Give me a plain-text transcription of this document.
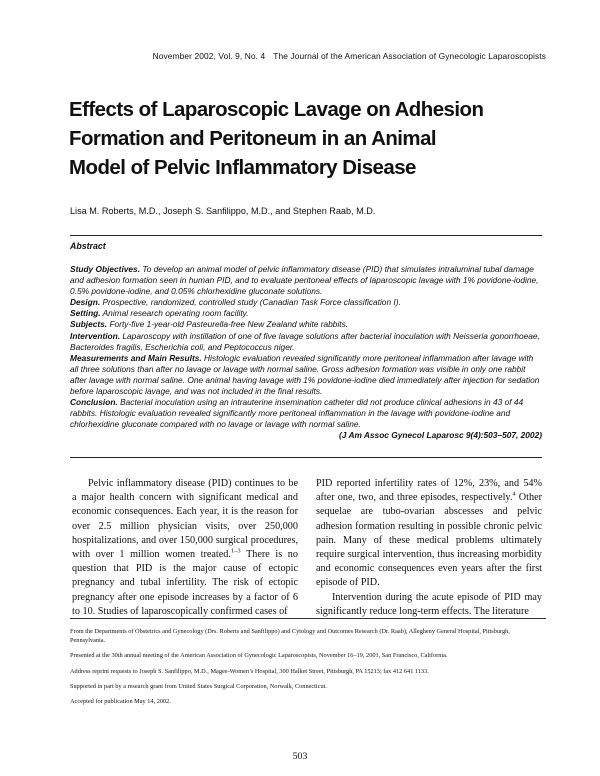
November 2002, Vol. 9, No. 4 The Journal of the American Association of Gynecologic Laparoscopists
Effects of Laparoscopic Lavage on Adhesion
Formation and Peritoneum in an Animal
Model of Pelvic Inflammatory Disease
Lisa M. Roberts, M.D., Joseph S. Sanfilippo, M.D., and Stephen Raab, M.D.
Abstract

Study Objectives. To develop an animal model of pelvic inflammatory disease (PID) that simulates intraluminal tubal damage and adhesion formation seen in human PID, and to evaluate peritoneal effects of laparoscopic lavage with 1% povidone-iodine, 0.5% povidone-iodine, and 0.05% chlorhexidine gluconate solutions.

Design. Prospective, randomized, controlled study (Canadian Task Force classification I).

Setting. Animal research operating room facility.

Subjects. Forty-five 1-year-old Pasteurella-free New Zealand white rabbits.

Intervention. Laparoscopy with instillation of one of five lavage solutions after bacterial inoculation with Neisseria gonorrhoeae, Bacteroides fragilis, Escherichia coli, and Peptococcus niger.

Measurements and Main Results. Histologic evaluation revealed significantly more peritoneal inflammation after lavage with all three solutions than after no lavage or lavage with normal saline. Gross adhesion formation was visible in only one rabbit after lavage with normal saline. One animal having lavage with 1% povidone-iodine died immediately after injection for sedation before laparoscopic lavage, and was not included in the final results.

Conclusion. Bacterial inoculation using an intrauterine insemination catheter did not produce clinical adhesions in 43 of 44 rabbits. Histologic evaluation revealed significantly more peritoneal inflammation in the lavage with povidone-iodine and chlorhexidine gluconate compared with no lavage or lavage with normal saline.

(J Am Assoc Gynecol Laparosc 9(4):503–507, 2002)

Pelvic inflammatory disease (PID) continues to be a major health concern with significant medical and economic consequences. Each year, it is the reason for over 2.5 million physician visits, over 250,000 hospitalizations, and over 150,000 surgical procedures, with over 1 million women treated.$^{1-3}$ There is no question that PID is the major cause of ectopic pregnancy and tubal infertility. The risk of ectopic pregnancy after one episode increases by a factor of 6 to 10. Studies of laparoscopically confirmed cases of

PID reported infertility rates of 12%, 23%, and 54% after one, two, and three episodes, respectively.$^4$ Other sequelae are tubo-ovarian abscesses and pelvic adhesion formation resulting in possible chronic pelvic pain. Many of these medical problems ultimately require surgical intervention, thus increasing morbidity and economic consequences even years after the first episode of PID.

Intervention during the acute episode of PID may significantly reduce long-term effects. The literature

From the Departments of Obstetrics and Gynecology (Drs. Roberts and Sanfilippo) and Cytology and Outcomes Research (Dr. Raab), Allegheny General Hospital, Pittsburgh, Pennsylvania.

Presented at the 30th annual meeting of the American Association of Gynecologic Laparoscopists, November 16–19, 2001, San Francisco, California.

Address reprint requests to Joseph S. Sanfilippo, M.D., Magee-Women’s Hospital, 300 Halket Street, Pittsburgh, PA 15213; fax 412 641 1133.

Supported in part by a research grant from United States Surgical Corporation, Norwalk, Connecticut.

Accepted for publication May 14, 2002.

503
